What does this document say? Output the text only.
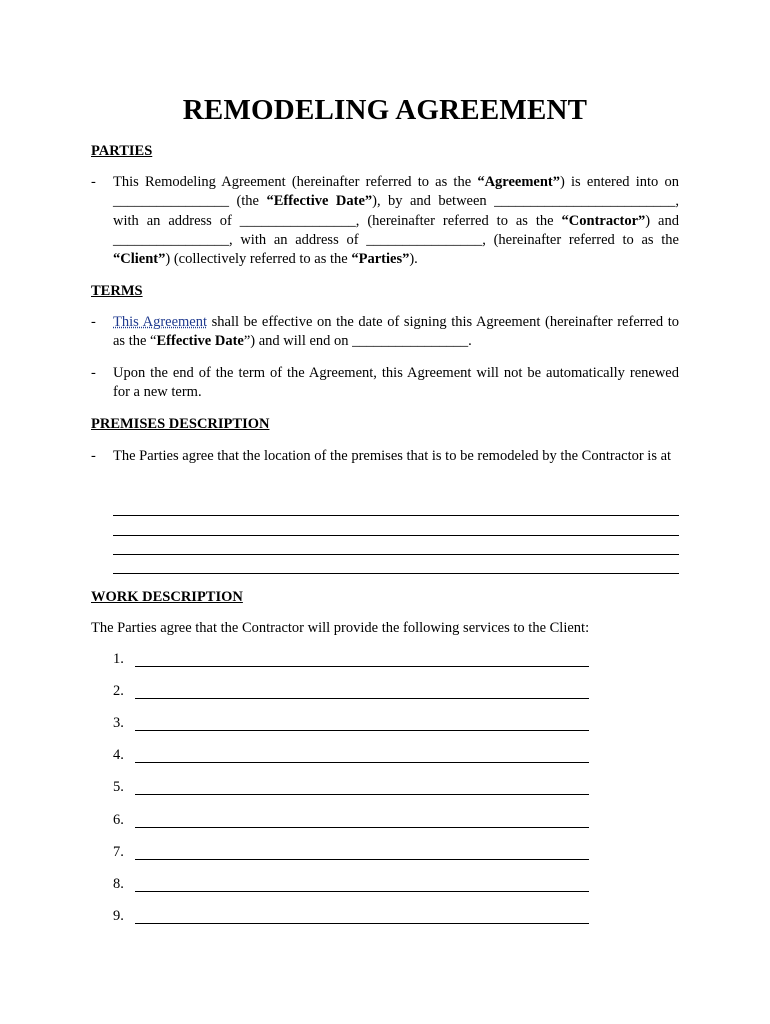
REMODELING AGREEMENT
PARTIES
- This Remodeling Agreement (hereinafter referred to as the “Agreement”) is entered into on ________________ (the “Effective Date”), by and between _________________________, with an address of ________________, (hereinafter referred to as the “Contractor”) and ________________, with an address of ________________, (hereinafter referred to as the “Client”) (collectively referred to as the “Parties”).
TERMS
- This Agreement shall be effective on the date of signing this Agreement (hereinafter referred to as the “Effective Date”) and will end on ________________.
- Upon the end of the term of the Agreement, this Agreement will not be automatically renewed for a new term.
PREMISES DESCRIPTION
- The Parties agree that the location of the premises that is to be remodeled by the Contractor is at
WORK DESCRIPTION
The Parties agree that the Contractor will provide the following services to the Client:
1.
2.
3.
4.
5.
6.
7.
8.
9.
